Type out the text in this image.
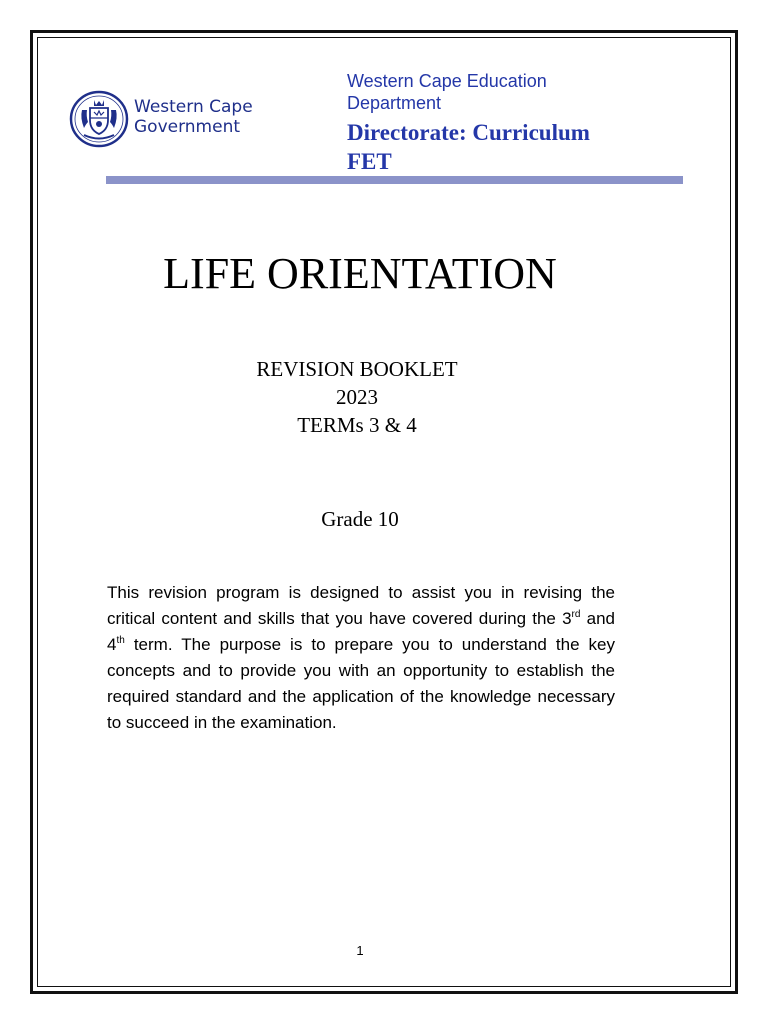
Western Cape
Government
Western Cape Education
Department
Directorate: Curriculum
FET
LIFE ORIENTATION
REVISION BOOKLET
2023
TERMs 3 & 4
Grade 10
This revision program is designed to assist you in revising the critical content and skills that you have covered during the 3rd and 4th term. The purpose is to prepare you to understand the key concepts and to provide you with an opportunity to establish the required standard and the application of the knowledge necessary to succeed in the examination.
1
